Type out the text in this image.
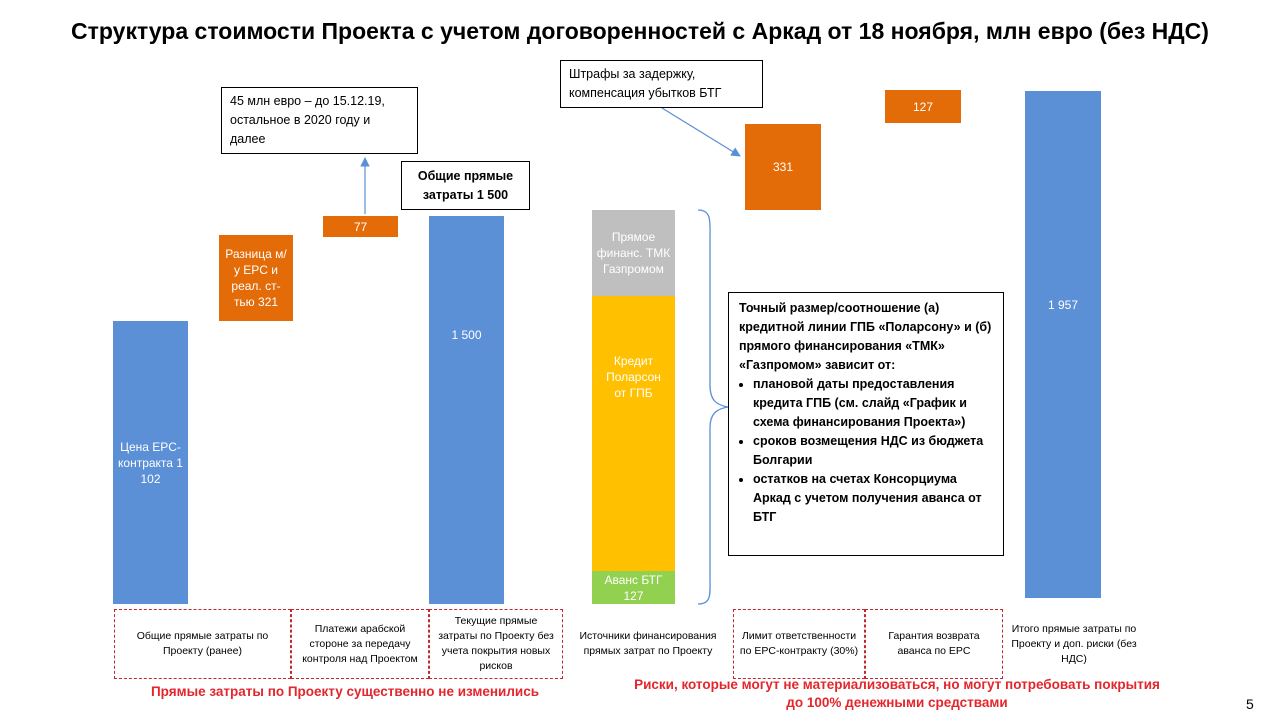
Структура стоимости Проекта с учетом договоренностей с Аркад от 18 ноября, млн евро (без НДС)
Цена EPC-контракта 1 102
Разница м/у EPC и реал. ст-тью 321
77
1 500
Прямое финанс. ТМК Газпромом
Кредит Поларсон от ГПБ
Аванс БТГ 127
331
127
1 957
45 млн евро – до 15.12.19, остальное в 2020 году и далее
Общие прямые затраты 1 500
Штрафы за задержку, компенсация убытков БТГ
Точный размер/соотношение (а) кредитной линии ГПБ «Поларсону» и (б) прямого финансирования «ТМК» «Газпромом» зависит от:
• плановой даты предоставления кредита ГПБ (см. слайд «График и схема финансирования Проекта»)
• сроков возмещения НДС из бюджета Болгарии
• остатков на счетах Консорциума Аркад с учетом получения аванса от БТГ
Общие прямые затраты по Проекту (ранее)
Платежи арабской стороне за передачу контроля над Проектом
Текущие прямые затраты по Проекту без учета покрытия новых рисков
Источники финансирования прямых затрат по Проекту
Лимит ответственности по EPC-контракту (30%)
Гарантия возврата аванса по EPC
Итого прямые затраты по Проекту и доп. риски (без НДС)
Прямые затраты по Проекту существенно не изменились	Риски, которые могут не материализоваться, но могут потребовать покрытия до 100% денежными средствами	5
